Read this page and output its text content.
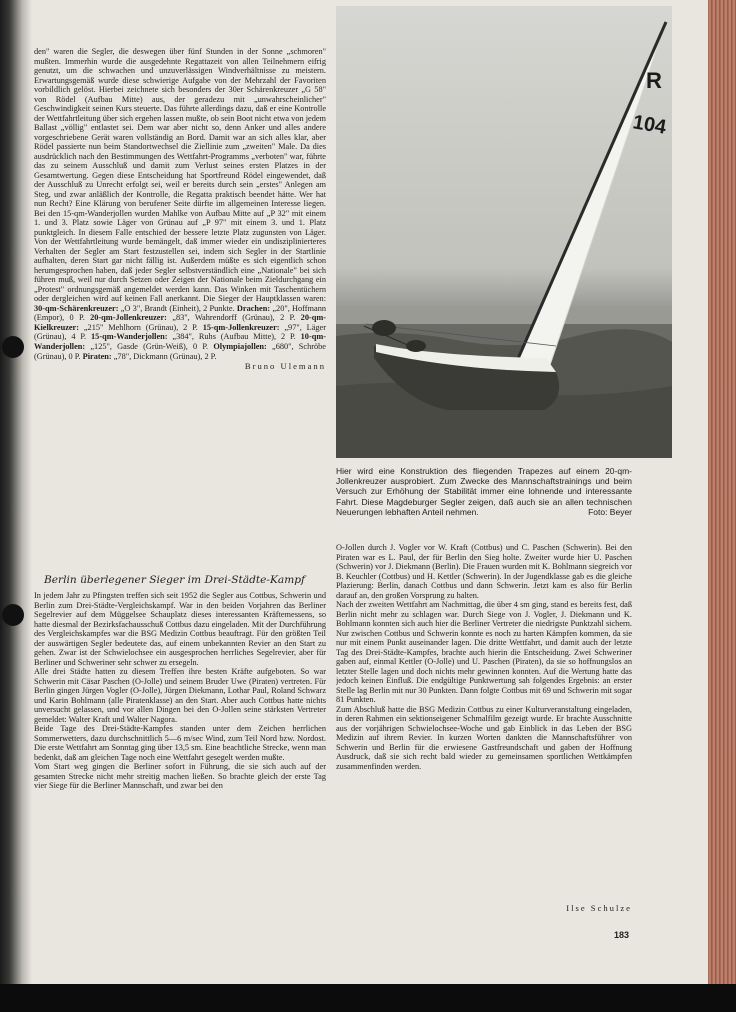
R
104
Hier wird eine Konstruktion des fliegenden Trapezes auf einem 20-qm-Jollenkreuzer ausprobiert. Zum Zwecke des Mannschaftstrainings und beim Versuch zur Erhöhung der Stabilität immer eine lohnende und interessante Fahrt. Diese Magdeburger Segler zeigen, daß auch sie an allen technischen Neuerungen lebhaften Anteil nehmen.	Foto: Beyer

den" waren die Segler, die deswegen über fünf Stunden in der Sonne „schmoren" mußten. Immerhin wurde die ausgedehnte Regattazeit von allen Teilnehmern eifrig genutzt, um die schwachen und unzuverlässigen Windverhältnisse zu meistern. Erwartungsgemäß wurde diese schwierige Aufgabe von der Mehrzahl der Favoriten vorbildlich gelöst. Hierbei zeichnete sich besonders der 30er Schärenkreuzer „G 58" von Rödel (Aufbau Mitte) aus, der geradezu mit „unwahrscheinlicher" Geschwindigkeit seinen Kurs steuerte. Das führte allerdings dazu, daß er eine Kontrolle der Wettfahrtleitung über sich ergehen lassen mußte, ob sein Boot nicht etwa von jedem Ballast „völlig" entlastet sei. Dem war aber nicht so, denn Anker und alles andere vorgeschriebene Gerät waren vollständig an Bord. Damit war an sich alles klar, aber Rödel passierte nun beim Standortwechsel die Ziellinie zum „zweiten" Male. Da dies ausdrücklich nach den Bestimmungen des Wettfahrt-Programms „verboten" war, führte das zu seinem Ausschluß und damit zum Verlust seines ersten Platzes in der Gesamtwertung. Gegen diese Entscheidung hat Sportfreund Rödel eingewendet, daß der Ausschluß zu Unrecht erfolgt sei, weil er bereits durch sein „erstes" Anlegen am Steg, und zwar anläßlich der Kontrolle, die Regatta praktisch beendet hätte. Wer hat nun Recht? Eine Klärung von berufener Seite dürfte im allgemeinen Interesse liegen. Bei den 15-qm-Wanderjollen wurden Mahlke von Aufbau Mitte auf „P 32" mit einem 1. und 3. Platz sowie Läger von Grünau auf „P 97" mit einem 3. und 1. Platz punktgleich. In diesem Falle entschied der bessere letzte Platz zugunsten von Läger. Von der Wettfahrtleitung wurde bemängelt, daß immer wieder ein undisziplinierteres Verhalten der Segler am Start festzustellen sei, indem sich Segler in der Startlinie aufhalten, deren Start gar nicht fällig ist. Außerdem müßte es sich eigentlich schon herumgesprochen haben, daß jeder Segler selbstverständlich eine „Nationale" bei sich führen muß, weil nur durch Setzen oder Zeigen der Nationale beim Zieldurchgang ein „Protest" ordnungsgemäß angemeldet werden kann. Das Winken mit Taschentüchern oder dergleichen wird auf keinen Fall anerkannt. Die Sieger der Hauptklassen waren: 30-qm-Schärenkreuzer: „O 3", Brandt (Einheit), 2 Punkte. Drachen: „20", Hoffmann (Empor), 0 P. 20-qm-Jollenkreuzer: „83", Wahrendorff (Grünau), 2 P. 20-qm-Kielkreuzer: „215" Mehlhorn (Grünau), 2 P. 15-qm-Jollenkreuzer: „97", Läger (Grünau), 4 P. 15-qm-Wanderjollen: „384", Ruhs (Aufbau Mitte), 2 P. 10-qm-Wanderjollen: „125", Gasde (Grün-Weiß), 0 P. Olympiajollen: „680", Schröbe (Grünau), 0 P. Piraten: „78", Dickmann (Grünau), 2 P.

Bruno Ulemann
Berlin überlegener Sieger im Drei-Städte-Kampf

In jedem Jahr zu Pfingsten treffen sich seit 1952 die Segler aus Cottbus, Schwerin und Berlin zum Drei-Städte-Vergleichskampf. War in den beiden Vorjahren das Berliner Segelrevier auf dem Müggelsee Schauplatz dieses interessanten Kräftemessens, so hatte diesmal der Bezirksfachausschuß Cottbus dazu eingeladen. Mit der Durchführung des Vergleichskampfes war die BSG Medizin Cottbus beauftragt. Für den größten Teil der auswärtigen Segler bedeutete das, auf einem unbekannten Revier an den Start zu gehen. Zwar ist der Schwielochsee ein ausgesprochen herrliches Segelrevier, aber für Berliner und Schweriner sehr schwer zu ersegeln.

Alle drei Städte hatten zu diesem Treffen ihre besten Kräfte aufgeboten. So war Schwerin mit Cäsar Paschen (O-Jolle) und seinem Bruder Uwe (Piraten) vertreten. Für Berlin gingen Jürgen Vogler (O-Jolle), Jürgen Diekmann, Lothar Paul, Roland Schwarz und Karin Bohlmann (alle Piratenklasse) an den Start. Aber auch Cottbus hatte nichts unversucht gelassen, und vor allen Dingen bei den O-Jollen seine stärksten Vertreter gemeldet: Walter Kraft und Walter Nagora.

Beide Tage des Drei-Städte-Kampfes standen unter dem Zeichen herrlichen Sommerwetters, dazu durchschnittlich 5—6 m/sec Wind, zum Teil Nord bzw. Nordost. Die erste Wettfahrt am Sonntag ging über 13,5 sm. Eine beachtliche Strecke, wenn man bedenkt, daß am gleichen Tage noch eine Wettfahrt gesegelt werden mußte.

Vom Start weg gingen die Berliner sofort in Führung, die sie sich auch auf der gesamten Strecke nicht mehr streitig machen ließen. So brachte gleich der erste Tag vier Siege für die Berliner Mannschaft, und zwar bei den

O-Jollen durch J. Vogler vor W. Kraft (Cottbus) und C. Paschen (Schwerin). Bei den Piraten war es L. Paul, der für Berlin den Sieg holte. Zweiter wurde hier U. Paschen (Schwerin) vor J. Diekmann (Berlin). Die Frauen wurden mit K. Bohlmann siegreich vor B. Keuchler (Cottbus) und H. Kettler (Schwerin). In der Jugendklasse gab es die gleiche Plazierung: Berlin, danach Cottbus und dann Schwerin. Jetzt kam es also für Berlin darauf an, den großen Vorsprung zu halten.

Nach der zweiten Wettfahrt am Nachmittag, die über 4 sm ging, stand es bereits fest, daß Berlin nicht mehr zu schlagen war. Durch Siege von J. Vogler, J. Diekmann und K. Bohlmann konnten sich auch hier die Berliner Vertreter die niedrigste Punktzahl sichern. Nur zwischen Cottbus und Schwerin konnte es noch zu harten Kämpfen kommen, da sie nur mit einem Punkt auseinander lagen. Die dritte Wettfahrt, und damit auch der letzte Tag des Drei-Städte-Kampfes, brachte auch hierin die Entscheidung. Zwei Schweriner gaben auf, einmal Kettler (O-Jolle) und U. Paschen (Piraten), da sie so hoffnungslos an letzter Stelle lagen und doch nichts mehr gewinnen konnten. Auf die Wertung hatte das jedoch keinen Einfluß. Die endgültige Punktwertung sah folgendes Ergebnis: an erster Stelle lag Berlin mit nur 30 Punkten. Dann folgte Cottbus mit 69 und Schwerin mit sogar 81 Punkten.

Zum Abschluß hatte die BSG Medizin Cottbus zu einer Kulturveranstaltung eingeladen, in deren Rahmen ein sektionseigener Schmalfilm gezeigt wurde. Er brachte Ausschnitte aus der vorjährigen Schwielochsee-Woche und gab Einblick in das Leben der BSG Medizin auf ihrem Revier. In kurzen Worten dankten die Mannschaftsführer von Schwerin und Berlin für die erwiesene Gastfreundschaft und gaben der Hoffnung Ausdruck, daß sie sich recht bald wieder zu gemeinsamen sportlichen Wettkämpfen zusammenfinden werden.

Ilse Schulze
183
